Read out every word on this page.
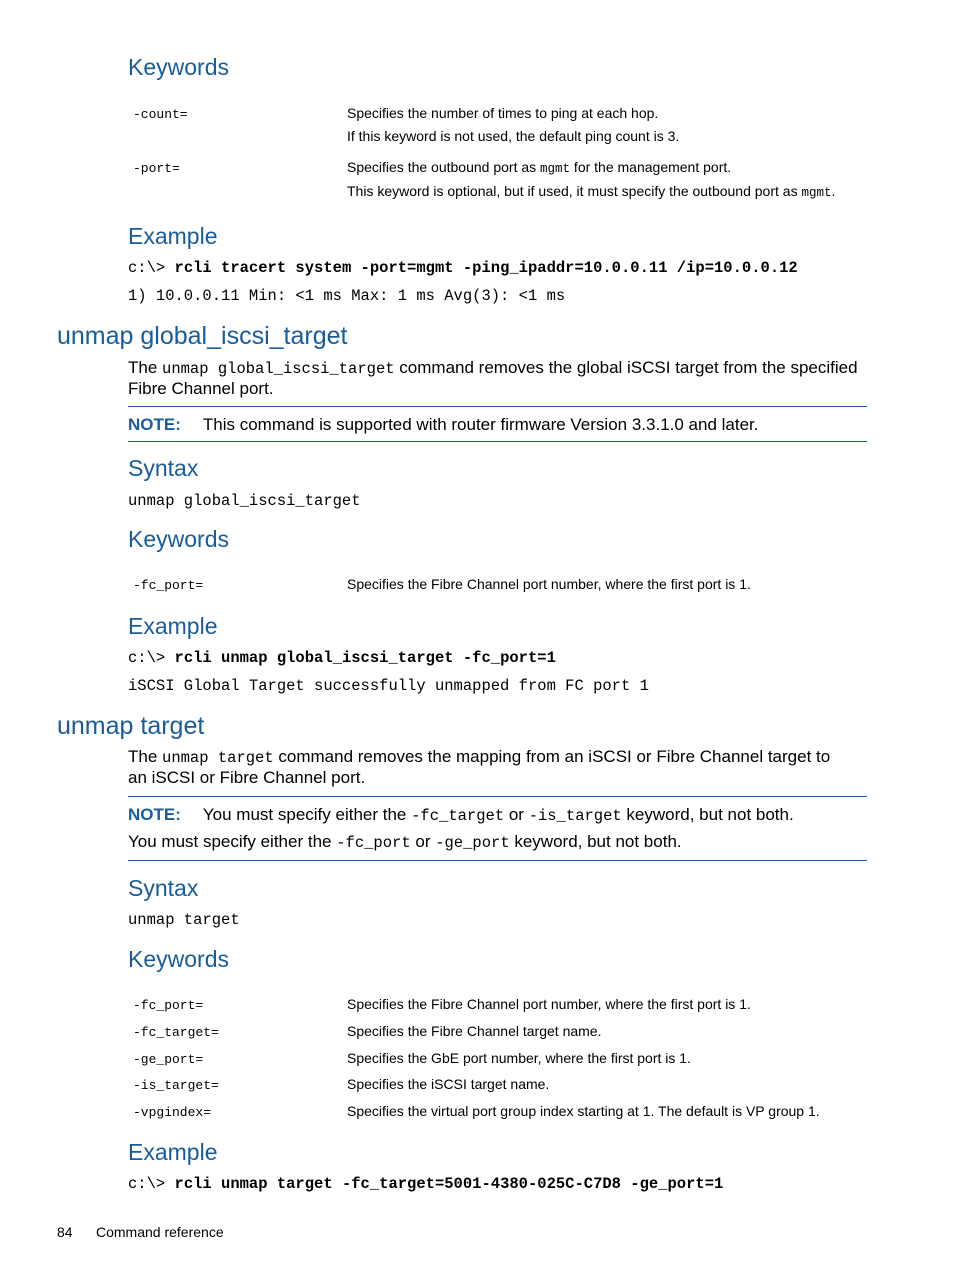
Keywords
-count=	Specifies the number of times to ping at each hop.
If this keyword is not used, the default ping count is 3.
-port=	Specifies the outbound port as mgmt for the management port.
This keyword is optional, but if used, it must specify the outbound port as mgmt.
Example
c:\> rcli tracert system -port=mgmt -ping_ipaddr=10.0.0.11 /ip=10.0.0.12
1) 10.0.0.11 Min: <1 ms Max: 1 ms Avg(3): <1 ms
unmap global_iscsi_target
The unmap global_iscsi_target command removes the global iSCSI target from the specified
Fibre Channel port.
NOTE: This command is supported with router firmware Version 3.3.1.0 and later.
Syntax
unmap global_iscsi_target
Keywords
-fc_port=	Specifies the Fibre Channel port number, where the first port is 1.
Example
c:\> rcli unmap global_iscsi_target -fc_port=1
iSCSI Global Target successfully unmapped from FC port 1
unmap target
The unmap target command removes the mapping from an iSCSI or Fibre Channel target to
an iSCSI or Fibre Channel port.
NOTE: You must specify either the -fc_target or -is_target keyword, but not both.
You must specify either the -fc_port or -ge_port keyword, but not both.
Syntax
unmap target
Keywords
-fc_port=	Specifies the Fibre Channel port number, where the first port is 1.
-fc_target=	Specifies the Fibre Channel target name.
-ge_port=	Specifies the GbE port number, where the first port is 1.
-is_target=	Specifies the iSCSI target name.
-vpgindex=	Specifies the virtual port group index starting at 1. The default is VP group 1.
Example
c:\> rcli unmap target -fc_target=5001-4380-025C-C7D8 -ge_port=1
84 Command reference
